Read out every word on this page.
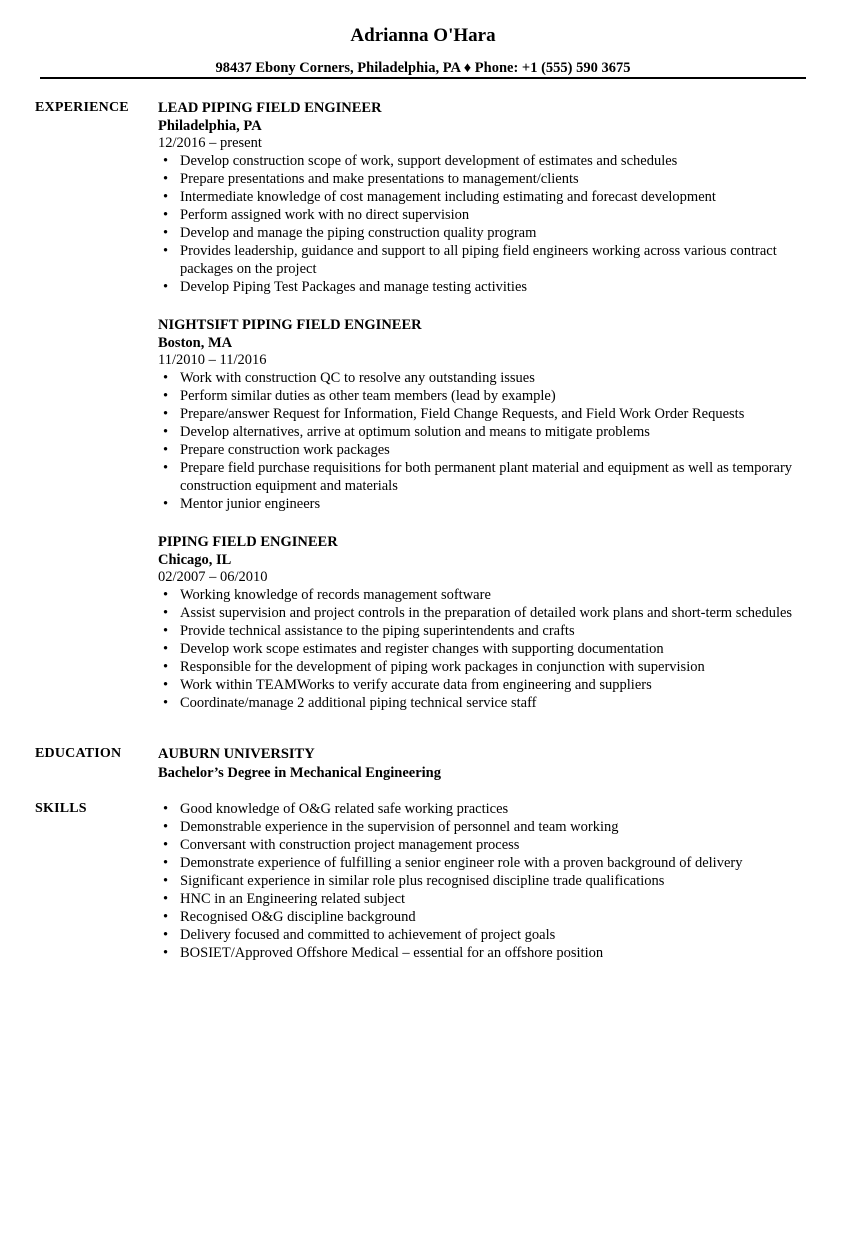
Adrianna O'Hara
98437 Ebony Corners, Philadelphia, PA ♦ Phone: +1 (555) 590 3675
EXPERIENCE LEAD PIPING FIELD ENGINEER
Philadelphia, PA
12/2016 – present
• Develop construction scope of work, support development of estimates and schedules
• Prepare presentations and make presentations to management/clients
• Intermediate knowledge of cost management including estimating and forecast development
• Perform assigned work with no direct supervision
• Develop and manage the piping construction quality program
• Provides leadership, guidance and support to all piping field engineers working across various contract packages on the project
• Develop Piping Test Packages and manage testing activities
NIGHTSIFT PIPING FIELD ENGINEER
Boston, MA
11/2010 – 11/2016
• Work with construction QC to resolve any outstanding issues
• Perform similar duties as other team members (lead by example)
• Prepare/answer Request for Information, Field Change Requests, and Field Work Order Requests
• Develop alternatives, arrive at optimum solution and means to mitigate problems
• Prepare construction work packages
• Prepare field purchase requisitions for both permanent plant material and equipment as well as temporary construction equipment and materials
• Mentor junior engineers
PIPING FIELD ENGINEER
Chicago, IL
02/2007 – 06/2010
• Working knowledge of records management software
• Assist supervision and project controls in the preparation of detailed work plans and short-term schedules
• Provide technical assistance to the piping superintendents and crafts
• Develop work scope estimates and register changes with supporting documentation
• Responsible for the development of piping work packages in conjunction with supervision
• Work within TEAMWorks to verify accurate data from engineering and suppliers
• Coordinate/manage 2 additional piping technical service staff
EDUCATION	AUBURN UNIVERSITY
Bachelor’s Degree in Mechanical Engineering
SKILLS	• Good knowledge of O&G related safe working practices
• Demonstrable experience in the supervision of personnel and team working
• Conversant with construction project management process
• Demonstrate experience of fulfilling a senior engineer role with a proven background of delivery
• Significant experience in similar role plus recognised discipline trade qualifications
• HNC in an Engineering related subject
• Recognised O&G discipline background
• Delivery focused and committed to achievement of project goals
• BOSIET/Approved Offshore Medical – essential for an offshore position
